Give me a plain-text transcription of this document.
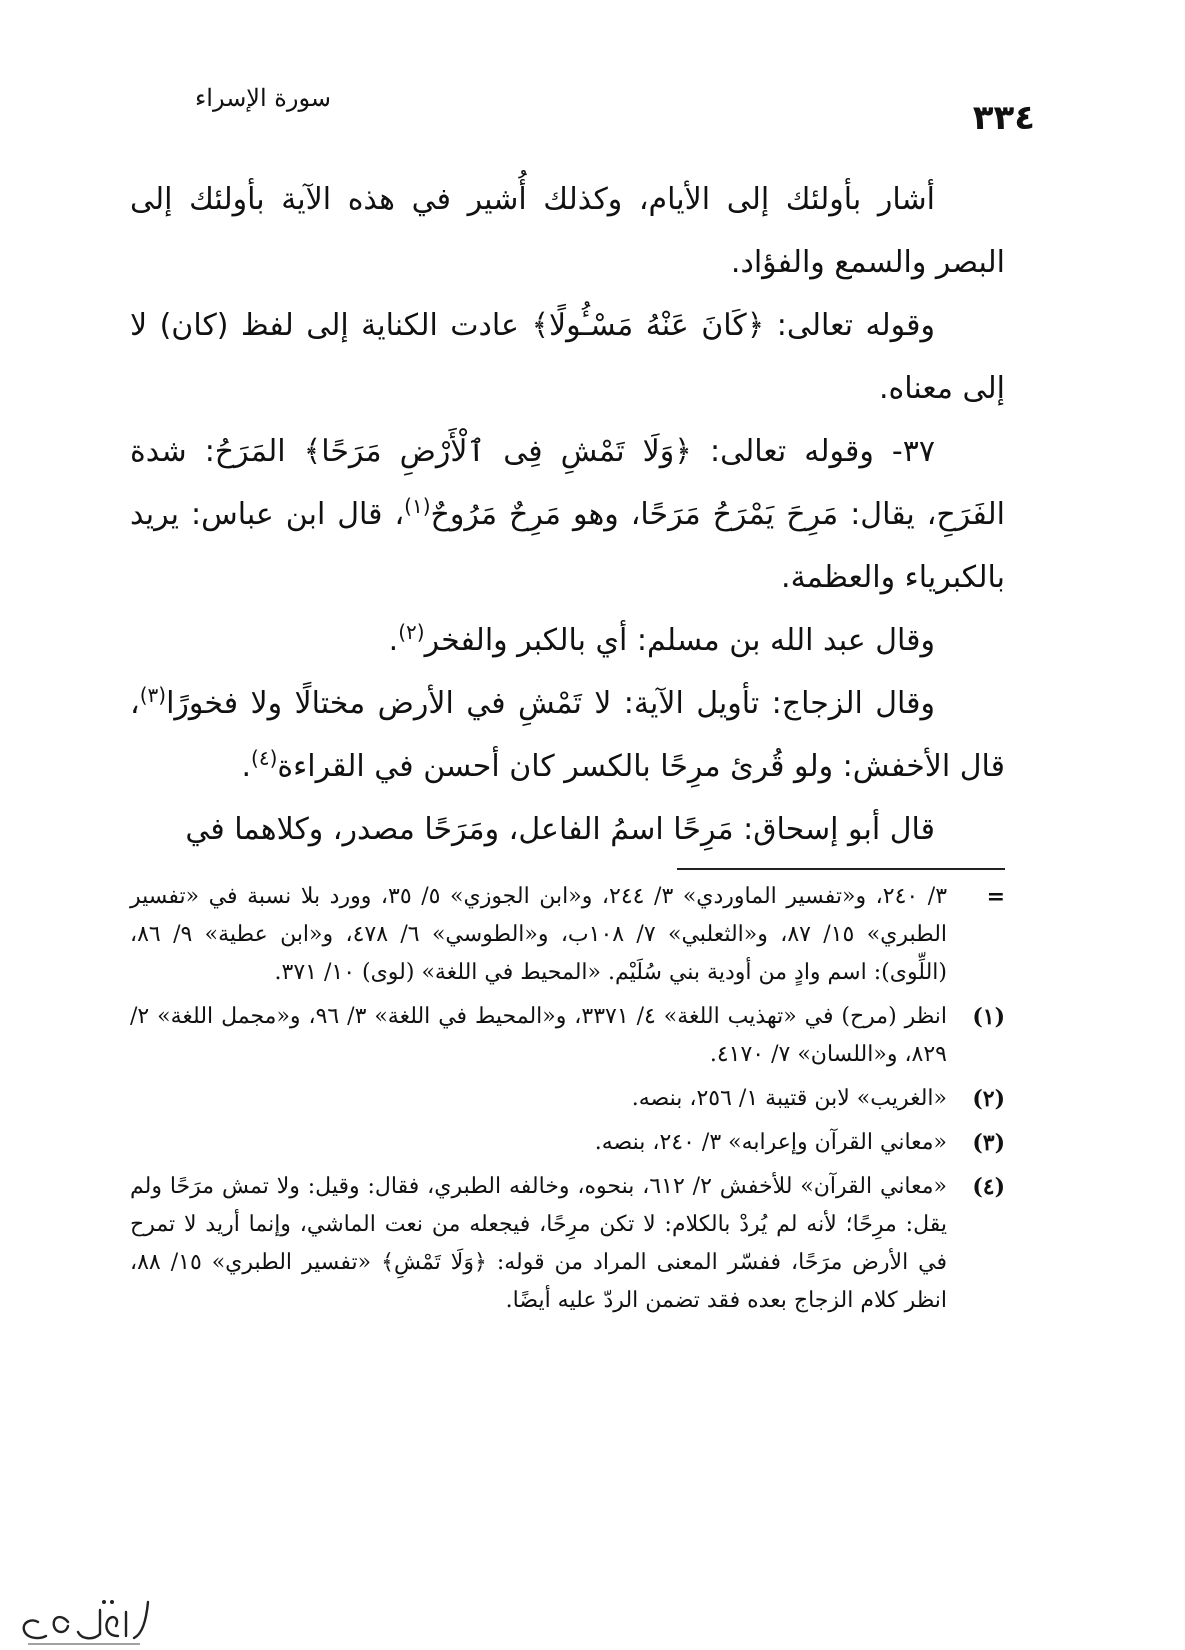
٣٣٤
سورة الإسراء

أشار بأولئك إلى الأيام، وكذلك أُشير في هذه الآية بأولئك إلى البصر والسمع والفؤاد.

وقوله تعالى: ﴿كَانَ عَنْهُ مَسْـُٔولًا﴾ عادت الكناية إلى لفظ (كان) لا إلى معناه.

٣٧- وقوله تعالى: ﴿وَلَا تَمْشِ فِى ٱلْأَرْضِ مَرَحًا﴾ المَرَحُ: شدة الفَرَحِ، يقال: مَرِحَ يَمْرَحُ مَرَحًا، وهو مَرِحٌ مَرُوحٌ$^{(١)}$، قال ابن عباس: يريد بالكبرياء والعظمة.

وقال عبد الله بن مسلم: أي بالكبر والفخر$^{(٢)}$.

وقال الزجاج: تأويل الآية: لا تَمْشِ في الأرض مختالًا ولا فخورًا$^{(٣)}$، قال الأخفش: ولو قُرئ مرِحًا بالكسر كان أحسن في القراءة$^{(٤)}$.

قال أبو إسحاق: مَرِحًا اسمُ الفاعل، ومَرَحًا مصدر، وكلاهما في

=
٣/ ٢٤٠، و«تفسير الماوردي» ٣/ ٢٤٤، و«ابن الجوزي» ٥/ ٣٥، وورد بلا نسبة في «تفسير الطبري» ١٥/ ٨٧، و«الثعلبي» ٧/ ١٠٨ب، و«الطوسي» ٦/ ٤٧٨، و«ابن عطية» ٩/ ٨٦، (اللِّوى): اسم وادٍ من أودية بني سُلَيْم. «المحيط في اللغة» (لوى) ١٠/ ٣٧١.
(١)
انظر (مرح) في «تهذيب اللغة» ٤/ ٣٣٧١، و«المحيط في اللغة» ٣/ ٩٦، و«مجمل اللغة» ٢/ ٨٢٩، و«اللسان» ٧/ ٤١٧٠.
(٢)
«الغريب» لابن قتيبة ١/ ٢٥٦، بنصه.
(٣)
«معاني القرآن وإعرابه» ٣/ ٢٤٠، بنصه.
(٤)
«معاني القرآن» للأخفش ٢/ ٦١٢، بنحوه، وخالفه الطبري، فقال: وقيل: ولا تمش مرَحًا ولم يقل: مرِحًا؛ لأنه لم يُردْ بالكلام: لا تكن مرِحًا، فيجعله من نعت الماشي، وإنما أريد لا تمرح في الأرض مرَحًا، ففسّر المعنى المراد من قوله: ﴿وَلَا تَمْشِ﴾ «تفسير الطبري» ١٥/ ٨٨، انظر كلام الزجاج بعده فقد تضمن الردّ عليه أيضًا.
